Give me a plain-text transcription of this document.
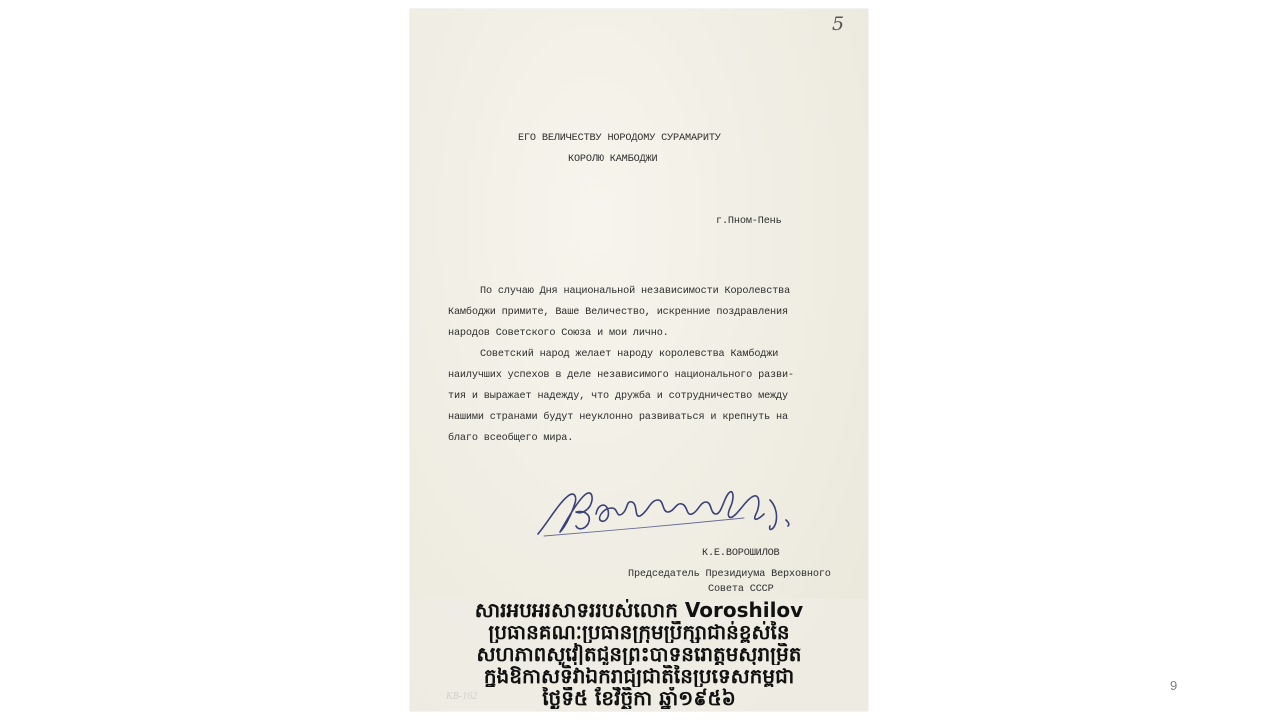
5
ЕГО ВЕЛИЧЕСТВУ НОРОДОМУ СУРАМАРИТУ
КОРОЛЮ КАМБОДЖИ
г.Пном-Пень
По случаю Дня национальной независимости Королевства
Камбоджи примите, Ваше Величество, искренние поздравления
народов Советского Союза и мои лично.
Советский народ желает народу королевства Камбоджи
наилучших успехов в деле независимого национального разви-
тия и выражает надежду, что дружба и сотрудничество между
нашими странами будут неуклонно развиваться и крепнуть на
благо всеобщего мира.
К.Е.ВОРОШИЛОВ
Председатель Президиума Верховного
Совета СССР
សារអបអរសាទររបស់លោក Voroshilov
ប្រធានគណៈប្រធានក្រុមប្រឹក្សាជាន់ខ្ពស់នៃ
សហភាពសូវៀតជូនព្រះបាទនរោត្តមសុរាម្រិត
ក្នុងឱកាសទិវាឯករាជ្យជាតិនៃប្រទេសកម្ពុជា
ថ្ងៃទី៥ ខែវិច្ឆិកា ឆ្នាំ១៩៥៦
9
